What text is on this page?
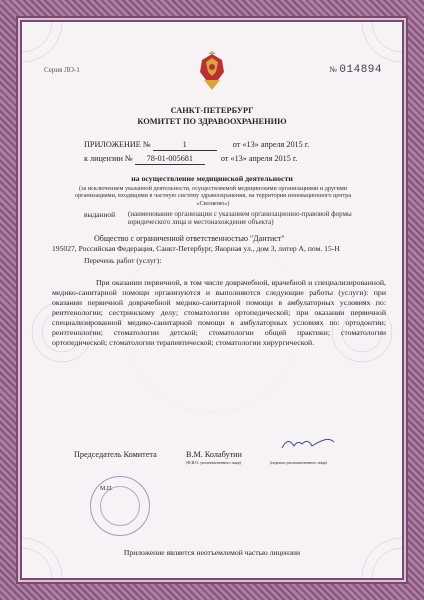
Серия ЛО-1	№ 014894
САНКТ-ПЕТЕРБУРГ
КОМИТЕТ ПО ЗДРАВООХРАНЕНИЮ
ПРИЛОЖЕНИЕ №	1	от «13» апреля 2015 г.
к лицензии № 78-01-005681	от «13» апреля 2015 г.
на осуществление медицинской деятельности
(за исключением указанной деятельности, осуществляемой медицинскими организациями и другими организациями, входящими в частную систему здравоохранения, на территории инновационного центра «Сколково»)
выданной (наименование организации с указанием организационно-правовой формы юридического лица и местонахождение объекта)
Общество с ограниченной ответственностью "Дантист"
195027, Российская Федерация, Санкт-Петербург, Якорная ул., дом 3, литер А, пом. 15-Н
Перечень работ (услуг):
При оказании первичной, в том числе доврачебной, врачебной и специализированной, медико-санитарной помощи организуются и выполняются следующие работы (услуги): при оказании первичной доврачебной медико-санитарной помощи в амбулаторных условиях по: рентгенологии; сестринскому делу; стоматологии ортопедической; при оказании первичной специализированной медико-санитарной помощи в амбулаторных условиях по: ортодонтии; рентгенологии; стоматологии детской; стоматологии общей практики; стоматологии ортопедической; стоматологии терапевтической; стоматологии хирургической.
Председатель Комитета	В.М. Колабутин
(Ф.И.О. уполномоченного лица)	(подпись уполномоченного лица)
М.П.
Приложение является неотъемлемой частью лицензии
